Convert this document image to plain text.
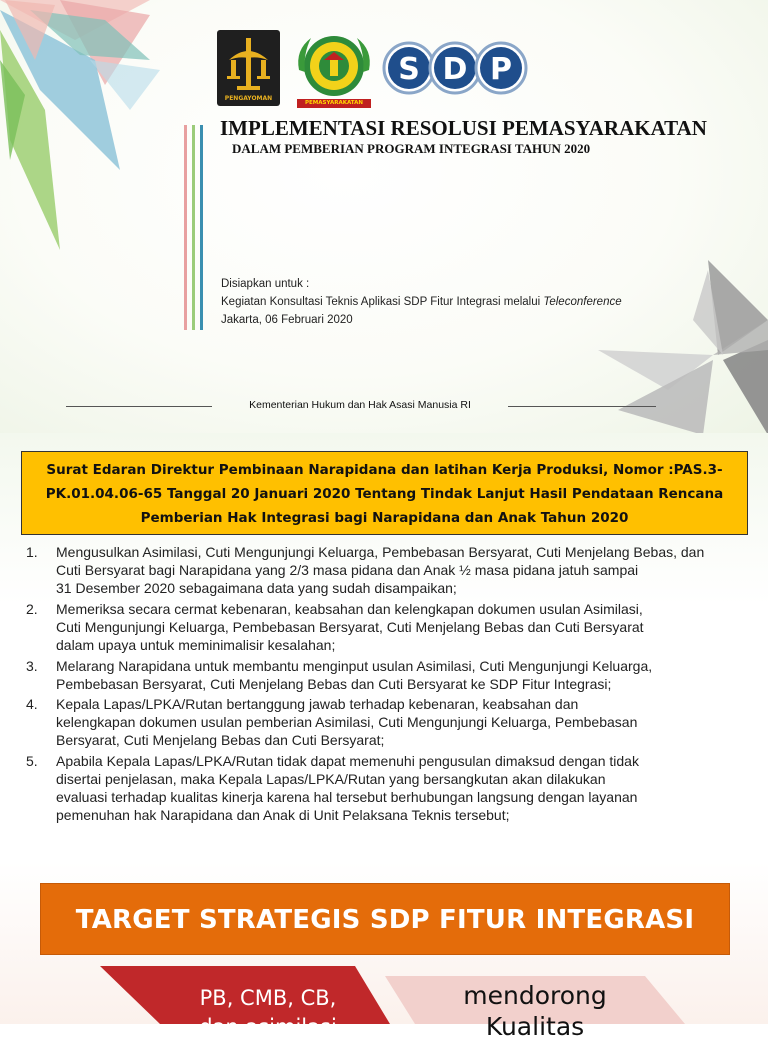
PENGAYOMAN
PEMASYARAKATAN
S D P
IMPLEMENTASI RESOLUSI PEMASYARAKATAN
DALAM PEMBERIAN PROGRAM INTEGRASI TAHUN 2020
Disiapkan untuk :
Kegiatan Konsultasi Teknis Aplikasi SDP Fitur Integrasi melalui Teleconference
Jakarta, 06 Februari 2020
Kementerian Hukum dan Hak Asasi Manusia RI
Surat Edaran Direktur Pembinaan Narapidana dan latihan Kerja Produksi, Nomor :PAS.3-
PK.01.04.06-65 Tanggal 20 Januari 2020 Tentang Tindak Lanjut Hasil Pendataan Rencana
Pemberian Hak Integrasi bagi Narapidana dan Anak Tahun 2020
1. Mengusulkan Asimilasi, Cuti Mengunjungi Keluarga, Pembebasan Bersyarat, Cuti Menjelang Bebas, dan
Cuti Bersyarat bagi Narapidana yang 2/3 masa pidana dan Anak ½ masa pidana jatuh sampai
31 Desember 2020 sebagaimana data yang sudah disampaikan;
2. Memeriksa secara cermat kebenaran, keabsahan dan kelengkapan dokumen usulan Asimilasi,
Cuti Mengunjungi Keluarga, Pembebasan Bersyarat, Cuti Menjelang Bebas dan Cuti Bersyarat
dalam upaya untuk meminimalisir kesalahan;
3. Melarang Narapidana untuk membantu menginput usulan Asimilasi, Cuti Mengunjungi Keluarga,
Pembebasan Bersyarat, Cuti Menjelang Bebas dan Cuti Bersyarat ke SDP Fitur Integrasi;
4. Kepala Lapas/LPKA/Rutan bertanggung jawab terhadap kebenaran, keabsahan dan
kelengkapan dokumen usulan pemberian Asimilasi, Cuti Mengunjungi Keluarga, Pembebasan
Bersyarat, Cuti Menjelang Bebas dan Cuti Bersyarat;
5. Apabila Kepala Lapas/LPKA/Rutan tidak dapat memenuhi pengusulan dimaksud dengan tidak
disertai penjelasan, maka Kepala Lapas/LPKA/Rutan yang bersangkutan akan dilakukan
evaluasi terhadap kualitas kinerja karena hal tersebut berhubungan langsung dengan layanan
pemenuhan hak Narapidana dan Anak di Unit Pelaksana Teknis tersebut;
TARGET STRATEGIS SDP FITUR INTEGRASI
PB, CMB, CB,
dan asimilasi
mendorong
Kualitas
